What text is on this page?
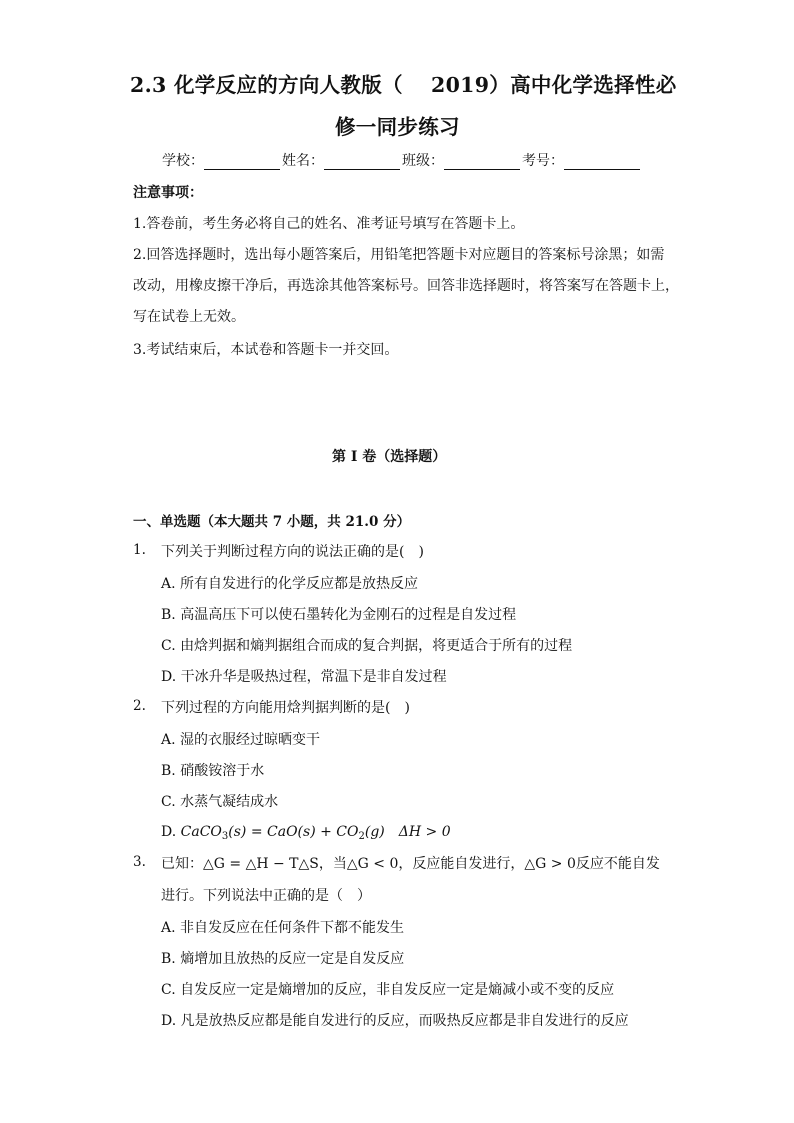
2.3 化学反应的方向人教版（　 2019）高中化学选择性必
修一同步练习
学校：	姓名：	班级：	考号：
注意事项：
1.答卷前，考生务必将自己的姓名、准考证号填写在答题卡上。
2.回答选择题时，选出每小题答案后，用铅笔把答题卡对应题目的答案标号涂黑；如需
改动，用橡皮擦干净后，再选涂其他答案标号。回答非选择题时，将答案写在答题卡上，
写在试卷上无效。
3.考试结束后，本试卷和答题卡一并交回。
第 I 卷（选择题）
一、单选题（本大题共 7 小题，共 21.0 分）
1. 下列关于判断过程方向的说法正确的是(　)
A. 所有自发进行的化学反应都是放热反应
B. 高温高压下可以使石墨转化为金刚石的过程是自发过程
C. 由焓判据和熵判据组合而成的复合判据，将更适合于所有的过程
D. 干冰升华是吸热过程，常温下是非自发过程
2. 下列过程的方向能用焓判据判断的是(　)
A. 湿的衣服经过晾晒变干
B. 硝酸铵溶于水
C. 水蒸气凝结成水
D. CaCO$_3$(s) = $CaO(s) + CO_2(g)$　ΔH > 0
3. 已知：△G = △H − T△S，当△G < 0，反应能自发进行，△G > 0反应不能自发
进行。下列说法中正确的是（　）
A. 非自发反应在任何条件下都不能发生
B. 熵增加且放热的反应一定是自发反应
C. 自发反应一定是熵增加的反应，非自发反应一定是熵减小或不变的反应
D. 凡是放热反应都是能自发进行的反应，而吸热反应都是非自发进行的反应
